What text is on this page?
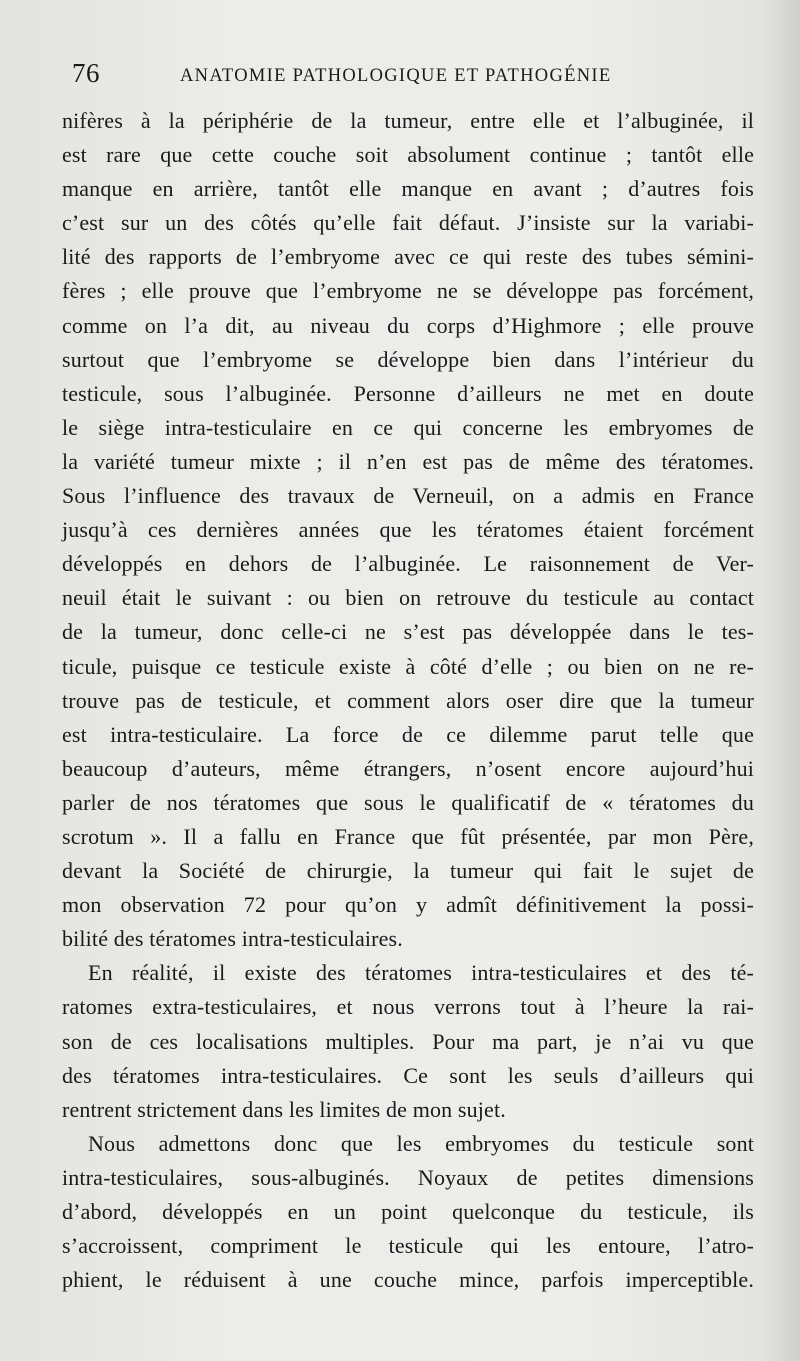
76	ANATOMIE PATHOLOGIQUE ET PATHOGÉNIE
nifères à la périphérie de la tumeur, entre elle et l’albuginée, il
est rare que cette couche soit absolument continue ; tantôt elle
manque en arrière, tantôt elle manque en avant ; d’autres fois
c’est sur un des côtés qu’elle fait défaut. J’insiste sur la variabi-
lité des rapports de l’embryome avec ce qui reste des tubes sémini-
fères ; elle prouve que l’embryome ne se développe pas forcément,
comme on l’a dit, au niveau du corps d’Highmore ; elle prouve
surtout que l’embryome se développe bien dans l’intérieur du
testicule, sous l’albuginée. Personne d’ailleurs ne met en doute
le siège intra-testiculaire en ce qui concerne les embryomes de
la variété tumeur mixte ; il n’en est pas de même des tératomes.
Sous l’influence des travaux de Verneuil, on a admis en France
jusqu’à ces dernières années que les tératomes étaient forcément
développés en dehors de l’albuginée. Le raisonnement de Ver-
neuil était le suivant : ou bien on retrouve du testicule au contact
de la tumeur, donc celle-ci ne s’est pas développée dans le tes-
ticule, puisque ce testicule existe à côté d’elle ; ou bien on ne re-
trouve pas de testicule, et comment alors oser dire que la tumeur
est intra-testiculaire. La force de ce dilemme parut telle que
beaucoup d’auteurs, même étrangers, n’osent encore aujourd’hui
parler de nos tératomes que sous le qualificatif de « tératomes du
scrotum ». Il a fallu en France que fût présentée, par mon Père,
devant la Société de chirurgie, la tumeur qui fait le sujet de
mon observation 72 pour qu’on y admît définitivement la possi-
bilité des tératomes intra-testiculaires.
En réalité, il existe des tératomes intra-testiculaires et des té-
ratomes extra-testiculaires, et nous verrons tout à l’heure la rai-
son de ces localisations multiples. Pour ma part, je n’ai vu que
des tératomes intra-testiculaires. Ce sont les seuls d’ailleurs qui
rentrent strictement dans les limites de mon sujet.
Nous admettons donc que les embryomes du testicule sont
intra-testiculaires, sous-albuginés. Noyaux de petites dimensions
d’abord, développés en un point quelconque du testicule, ils
s’accroissent, compriment le testicule qui les entoure, l’atro-
phient, le réduisent à une couche mince, parfois imperceptible.
